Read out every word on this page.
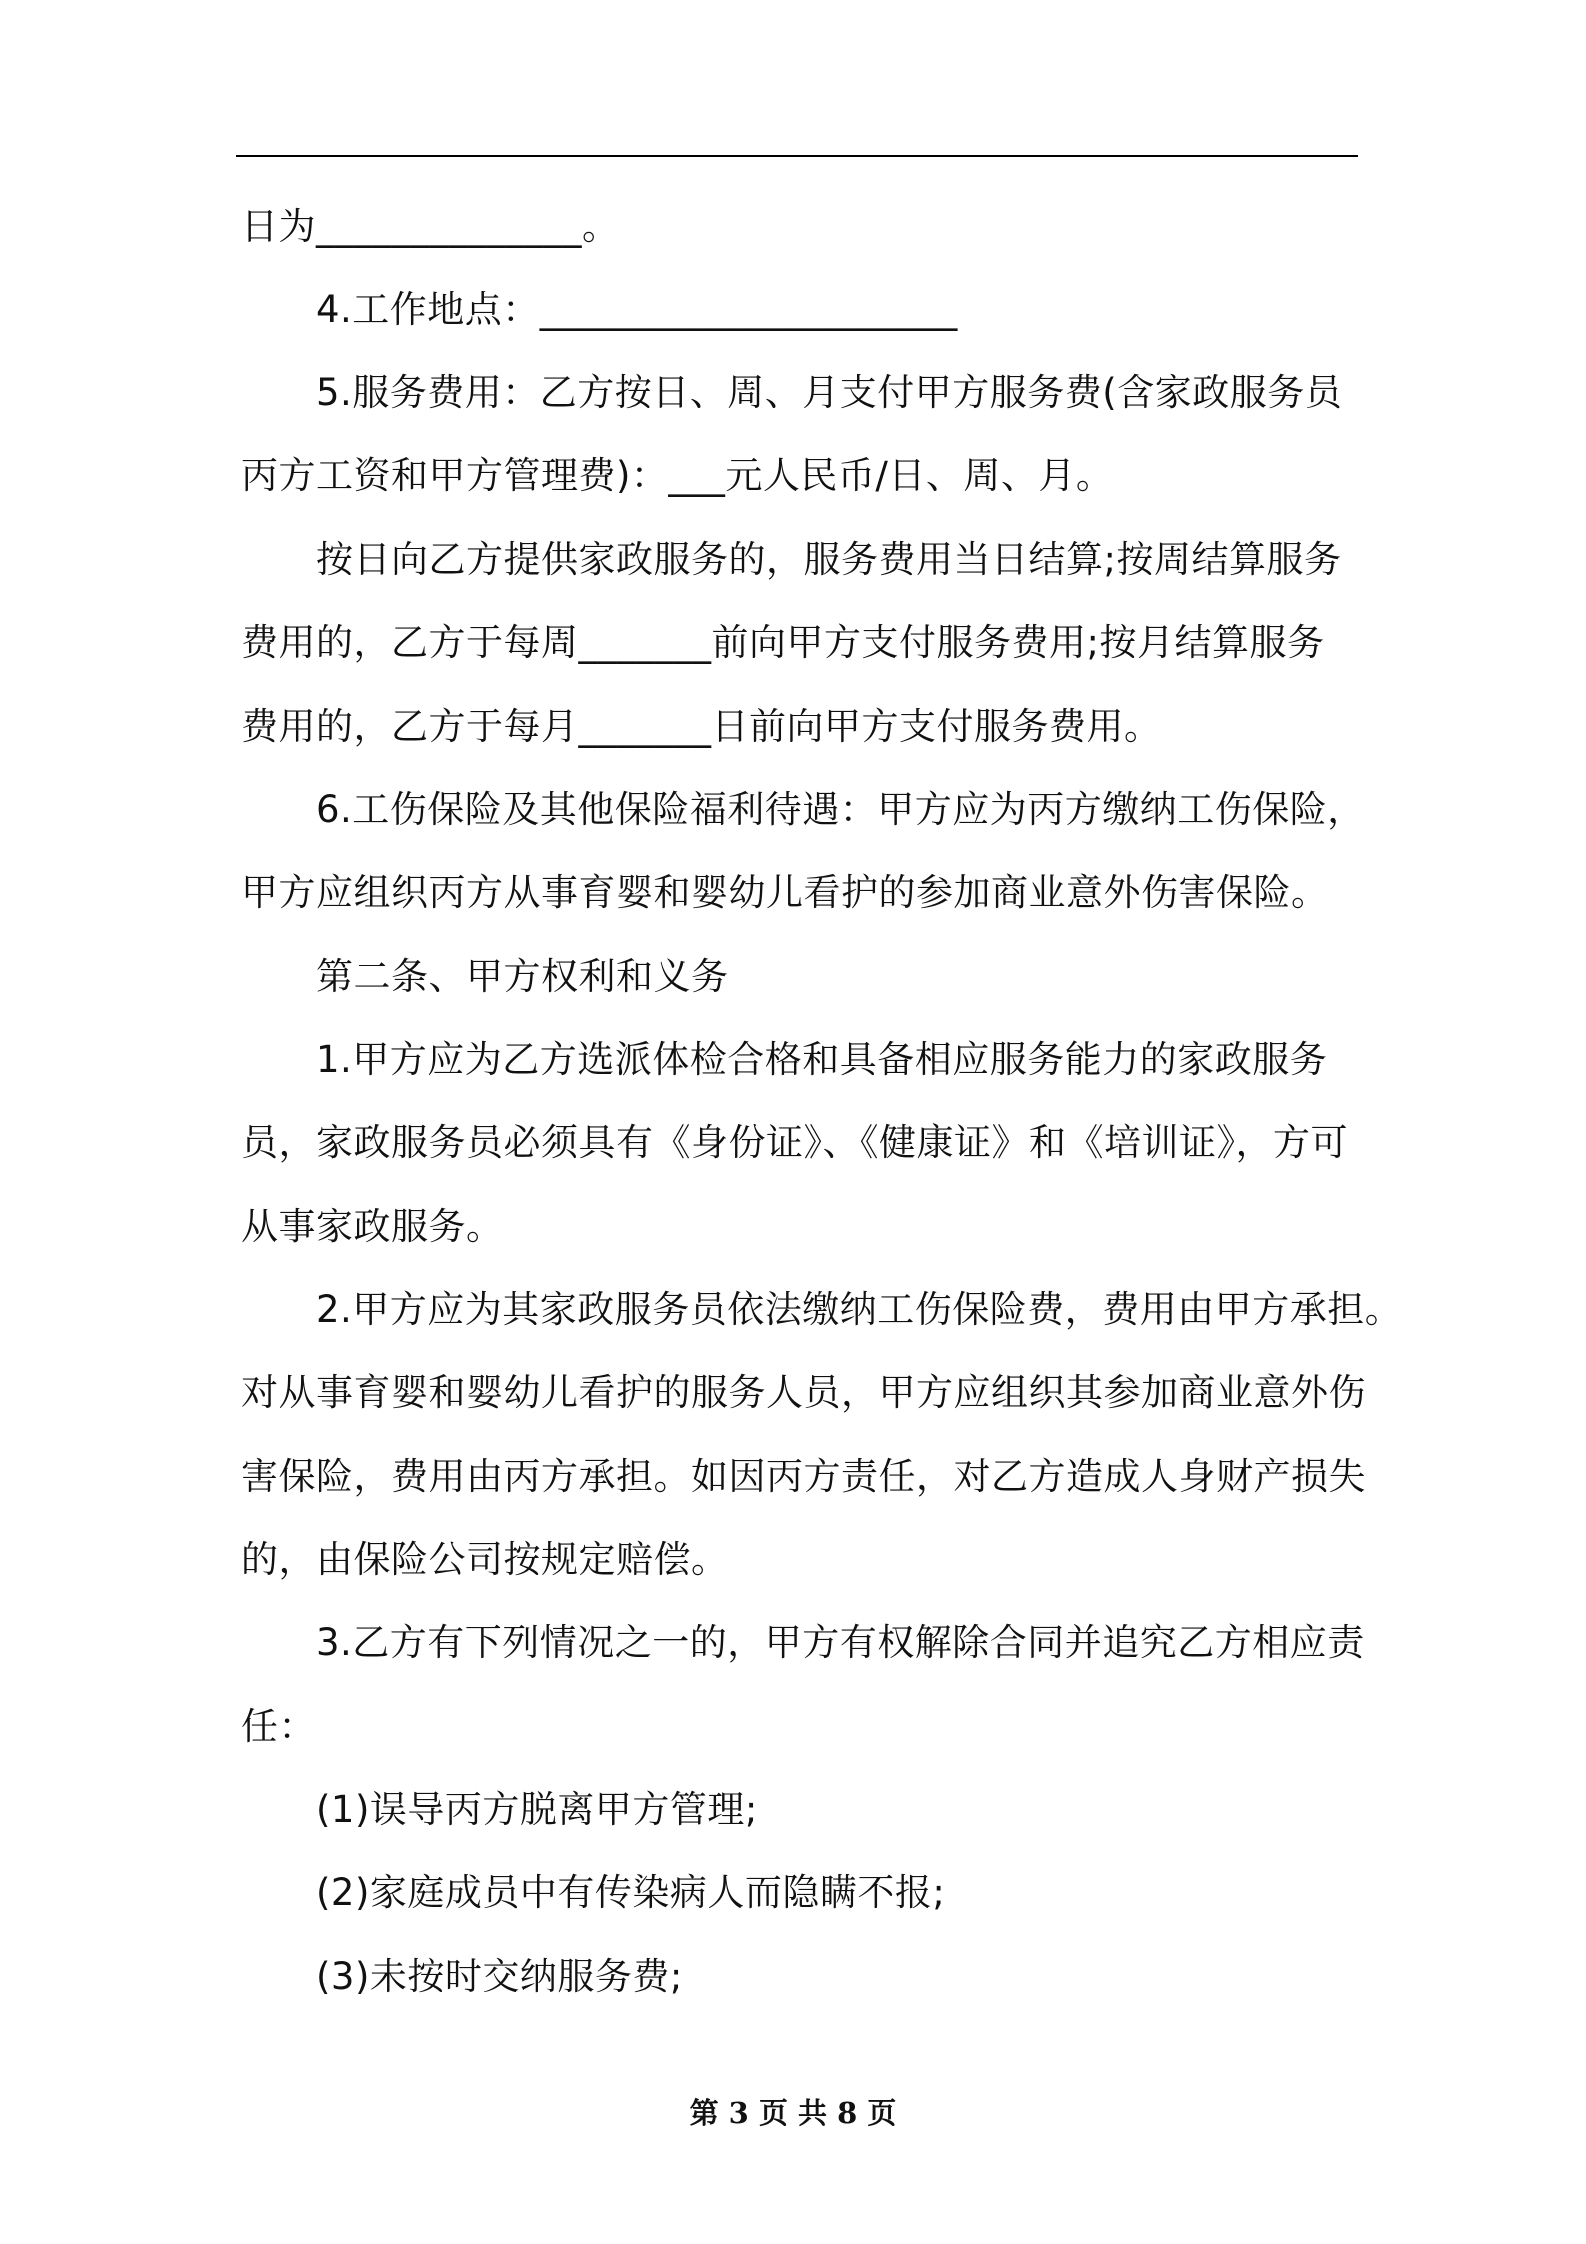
日为______________。
4.工作地点：______________________
5.服务费用：乙方按日、周、月支付甲方服务费(含家政服务员
丙方工资和甲方管理费)：___元人民币/日、周、月。
按日向乙方提供家政服务的，服务费用当日结算;按周结算服务
费用的，乙方于每周_______前向甲方支付服务费用;按月结算服务
费用的，乙方于每月_______日前向甲方支付服务费用。
6.工伤保险及其他保险福利待遇：甲方应为丙方缴纳工伤保险，
甲方应组织丙方从事育婴和婴幼儿看护的参加商业意外伤害保险。
第二条、甲方权利和义务
1.甲方应为乙方选派体检合格和具备相应服务能力的家政服务
员，家政服务员必须具有《身份证》、《健康证》和《培训证》，方可
从事家政服务。
2.甲方应为其家政服务员依法缴纳工伤保险费，费用由甲方承担。
对从事育婴和婴幼儿看护的服务人员，甲方应组织其参加商业意外伤
害保险，费用由丙方承担。如因丙方责任，对乙方造成人身财产损失
的，由保险公司按规定赔偿。
3.乙方有下列情况之一的，甲方有权解除合同并追究乙方相应责
任：
(1)误导丙方脱离甲方管理;
(2)家庭成员中有传染病人而隐瞒不报;
(3)未按时交纳服务费;
第 3 页 共 8 页
